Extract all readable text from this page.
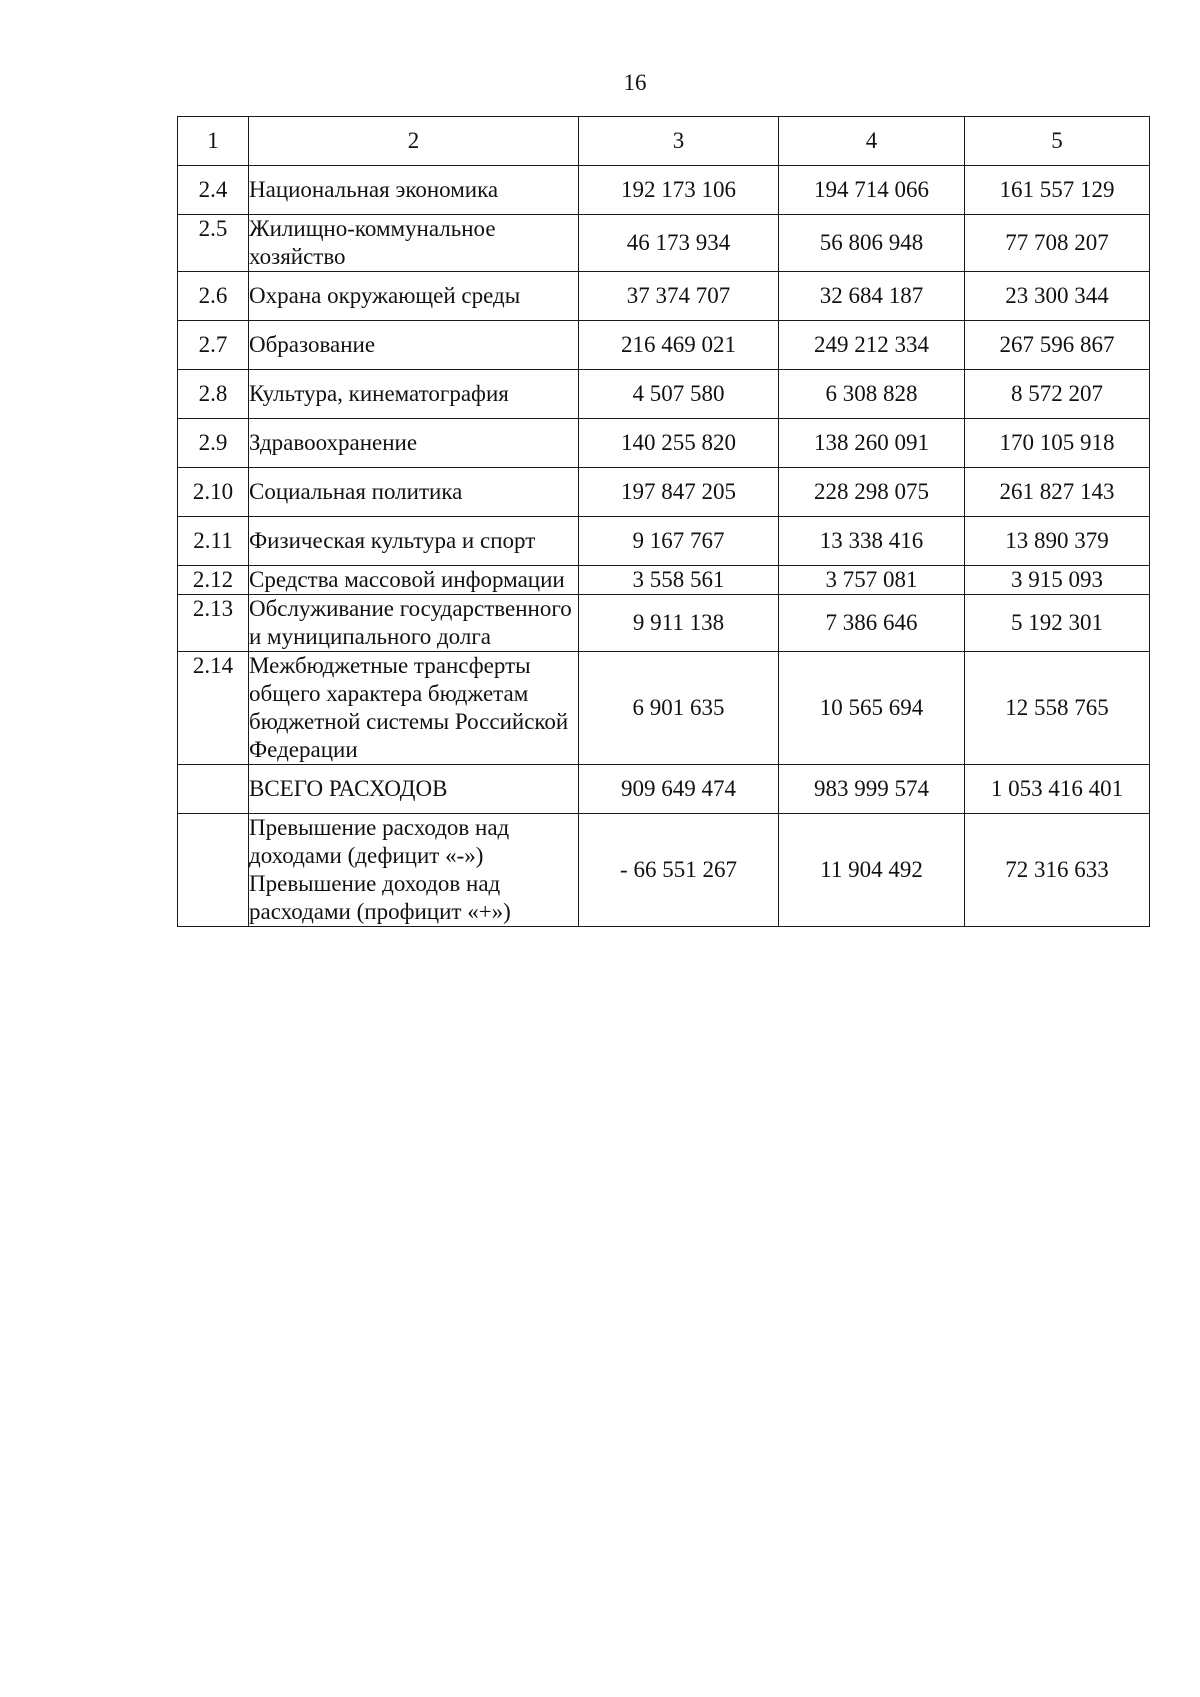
16
1	2	3	4	5
2.4	Национальная экономика	192 173 106	194 714 066	161 557 129
2.5	Жилищно-коммунальное хозяйство	46 173 934	56 806 948	77 708 207
2.6	Охрана окружающей среды	37 374 707	32 684 187	23 300 344
2.7	Образование	216 469 021	249 212 334	267 596 867
2.8	Культура, кинематография	4 507 580	6 308 828	8 572 207
2.9	Здравоохранение	140 255 820	138 260 091	170 105 918
2.10	Социальная политика	197 847 205	228 298 075	261 827 143
2.11	Физическая культура и спорт	9 167 767	13 338 416	13 890 379
2.12	Средства массовой информации	3 558 561	3 757 081	3 915 093
2.13	Обслуживание государственного и муниципального долга	9 911 138	7 386 646	5 192 301
2.14	Межбюджетные трансферты общего характера бюджетам бюджетной системы Российской Федерации	6 901 635	10 565 694	12 558 765
	ВСЕГО РАСХОДОВ	909 649 474	983 999 574	1 053 416 401
	Превышение расходов над доходами (дефицит «-») Превышение доходов над расходами (профицит «+»)	- 66 551 267	11 904 492	72 316 633
